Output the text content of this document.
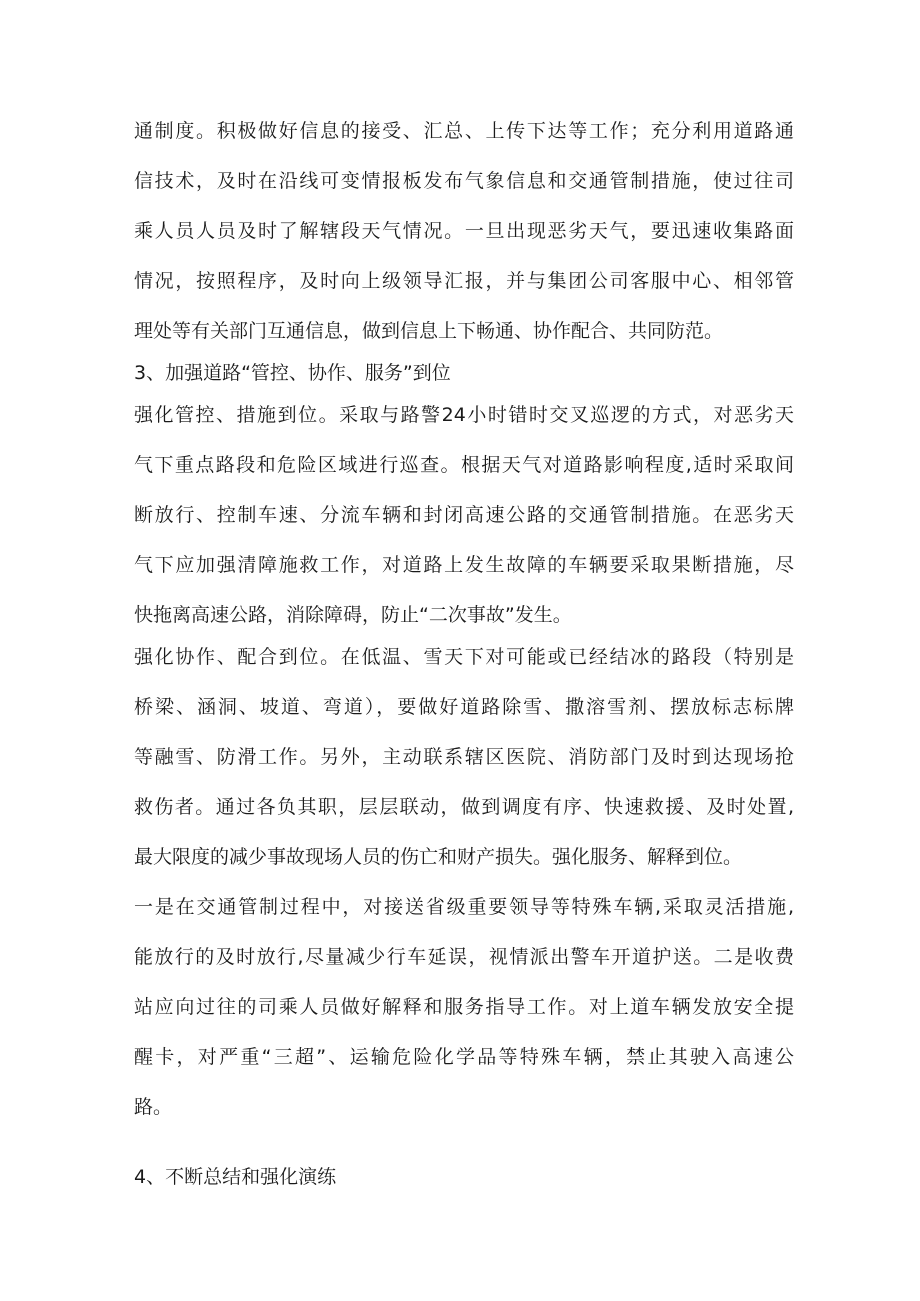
通制度。积极做好信息的接受、汇总、上传下达等工作；充分利用道路通
信技术，及时在沿线可变情报板发布气象信息和交通管制措施，使过往司
乘人员人员及时了解辖段天气情况。一旦出现恶劣天气，要迅速收集路面
情况，按照程序，及时向上级领导汇报，并与集团公司客服中心、相邻管
理处等有关部门互通信息，做到信息上下畅通、协作配合、共同防范。
3、加强道路“管控、协作、服务”到位
强化管控、措施到位。采取与路警24小时错时交叉巡逻的方式，对恶劣天
气下重点路段和危险区域进行巡查。根据天气对道路影响程度,适时采取间
断放行、控制车速、分流车辆和封闭高速公路的交通管制措施。在恶劣天
气下应加强清障施救工作，对道路上发生故障的车辆要采取果断措施，尽
快拖离高速公路，消除障碍，防止“二次事故”发生。
强化协作、配合到位。在低温、雪天下对可能或已经结冰的路段（特别是
桥梁、涵洞、坡道、弯道），要做好道路除雪、撒溶雪剂、摆放标志标牌
等融雪、防滑工作。另外，主动联系辖区医院、消防部门及时到达现场抢
救伤者。通过各负其职，层层联动，做到调度有序、快速救援、及时处置,
最大限度的减少事故现场人员的伤亡和财产损失。强化服务、解释到位。
一是在交通管制过程中，对接送省级重要领导等特殊车辆,采取灵活措施,
能放行的及时放行,尽量减少行车延误，视情派出警车开道护送。二是收费
站应向过往的司乘人员做好解释和服务指导工作。对上道车辆发放安全提
醒卡，对严重“三超”、运输危险化学品等特殊车辆，禁止其驶入高速公
路。
4、不断总结和强化演练
